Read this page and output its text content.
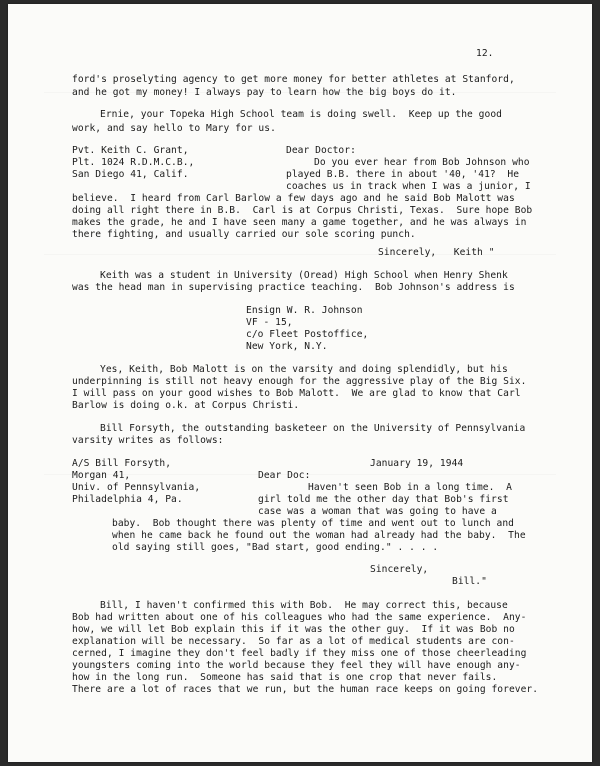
12.
ford's proselyting agency to get more money for better athletes at Stanford,
and he got my money! I always pay to learn how the big boys do it.
Ernie, your Topeka High School team is doing swell.  Keep up the good
work, and say hello to Mary for us.
Pvt. Keith C. Grant,
Plt. 1024 R.D.M.C.B.,
San Diego 41, Calif.
Dear Doctor:
Do you ever hear from Bob Johnson who
played B.B. there in about '40, '41?  He
coaches us in track when I was a junior, I
believe.  I heard from Carl Barlow a few days ago and he said Bob Malott was
doing all right there in B.B.  Carl is at Corpus Christi, Texas.  Sure hope Bob
makes the grade, he and I have seen many a game together, and he was always in
there fighting, and usually carried our sole scoring punch.
Sincerely,   Keith "
Keith was a student in University (Oread) High School when Henry Shenk
was the head man in supervising practice teaching.  Bob Johnson's address is
Ensign W. R. Johnson
VF - 15,
c/o Fleet Postoffice,
New York, N.Y.
Yes, Keith, Bob Malott is on the varsity and doing splendidly, but his
underpinning is still not heavy enough for the aggressive play of the Big Six.
I will pass on your good wishes to Bob Malott.  We are glad to know that Carl
Barlow is doing o.k. at Corpus Christi.
Bill Forsyth, the outstanding basketeer on the University of Pennsylvania
varsity writes as follows:
A/S Bill Forsyth,
Morgan 41,
Univ. of Pennsylvania,
Philadelphia 4, Pa.
January 19, 1944
Dear Doc:
Haven't seen Bob in a long time.  A
girl told me the other day that Bob's first
case was a woman that was going to have a
baby.  Bob thought there was plenty of time and went out to lunch and
when he came back he found out the woman had already had the baby.  The
old saying still goes, "Bad start, good ending." . . . .
Sincerely,
Bill."
Bill, I haven't confirmed this with Bob.  He may correct this, because
Bob had written about one of his colleagues who had the same experience.  Any-
how, we will let Bob explain this if it was the other guy.  If it was Bob no
explanation will be necessary.  So far as a lot of medical students are con-
cerned, I imagine they don't feel badly if they miss one of those cheerleading
youngsters coming into the world because they feel they will have enough any-
how in the long run.  Someone has said that is one crop that never fails.
There are a lot of races that we run, but the human race keeps on going forever.
